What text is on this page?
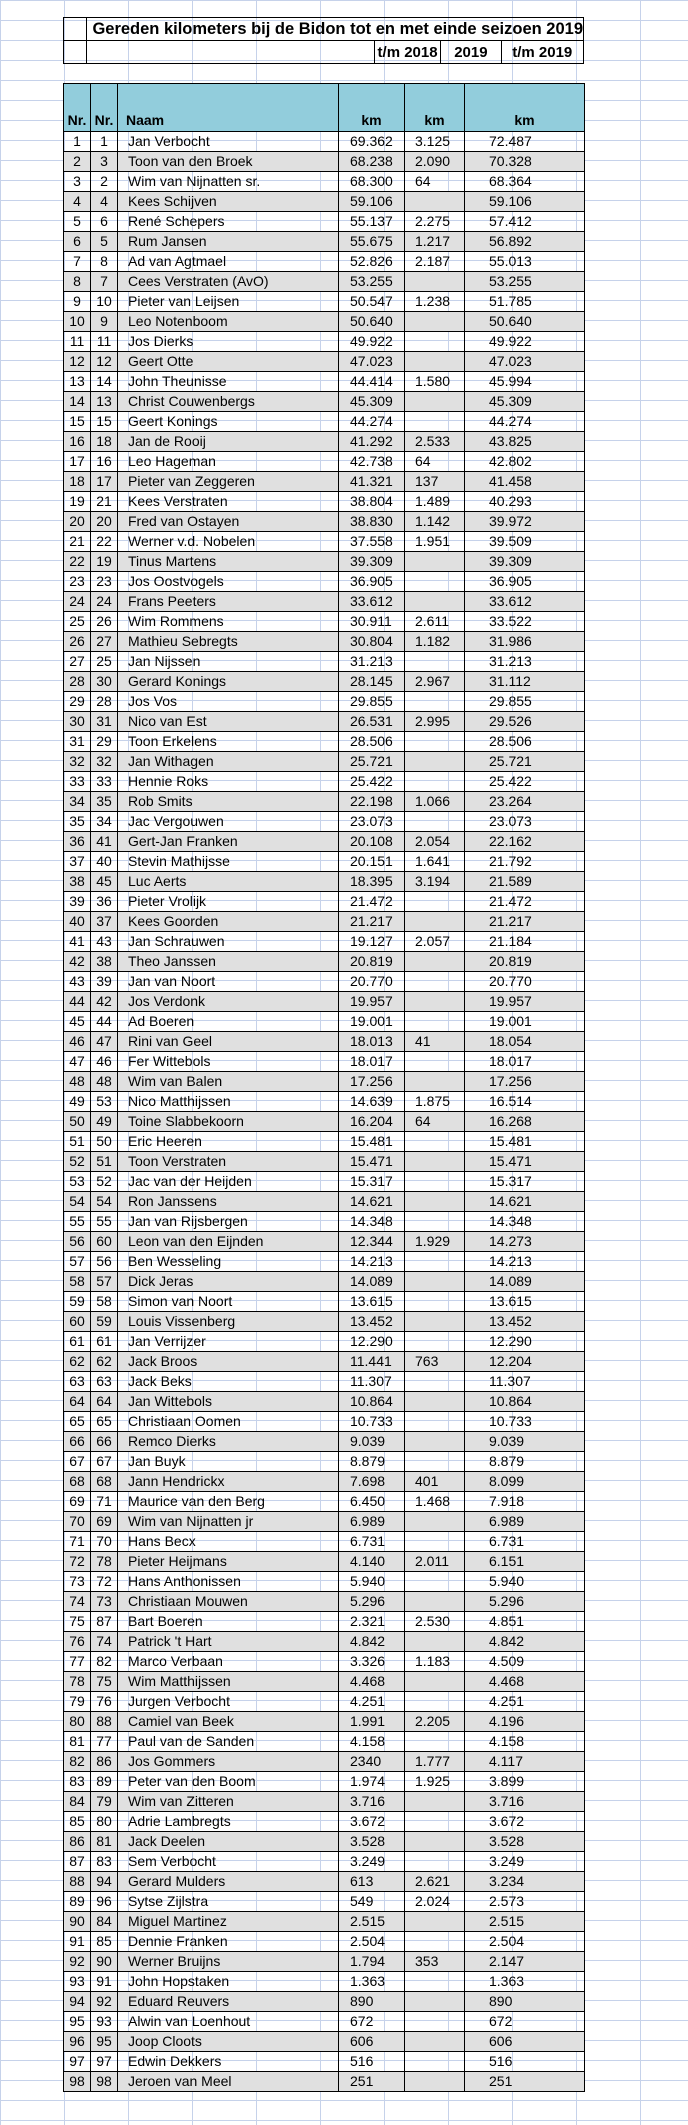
	Gereden kilometers bij de Bidon tot en met einde seizoen 2019			
		t/m 2018	2019	t/m 2019
Nr.	Nr.	Naam	km	km	km
1	1	Jan Verbocht	69.362	3.125	72.487
2	3	Toon van den Broek	68.238	2.090	70.328
3	2	Wim van Nijnatten sr.	68.300	64	68.364
4	4	Kees Schijven	59.106		59.106
5	6	René Schepers	55.137	2.275	57.412
6	5	Rum Jansen	55.675	1.217	56.892
7	8	Ad van Agtmael	52.826	2.187	55.013
8	7	Cees Verstraten (AvO)	53.255		53.255
9	10	Pieter van Leijsen	50.547	1.238	51.785
10	9	Leo Notenboom	50.640		50.640
11	11	Jos Dierks	49.922		49.922
12	12	Geert Otte	47.023		47.023
13	14	John Theunisse	44.414	1.580	45.994
14	13	Christ Couwenbergs	45.309		45.309
15	15	Geert Konings	44.274		44.274
16	18	Jan de Rooij	41.292	2.533	43.825
17	16	Leo Hageman	42.738	64	42.802
18	17	Pieter van Zeggeren	41.321	137	41.458
19	21	Kees Verstraten	38.804	1.489	40.293
20	20	Fred van Ostayen	38.830	1.142	39.972
21	22	Werner v.d. Nobelen	37.558	1.951	39.509
22	19	Tinus Martens	39.309		39.309
23	23	Jos Oostvogels	36.905		36.905
24	24	Frans Peeters	33.612		33.612
25	26	Wim Rommens	30.911	2.611	33.522
26	27	Mathieu Sebregts	30.804	1.182	31.986
27	25	Jan Nijssen	31.213		31.213
28	30	Gerard Konings	28.145	2.967	31.112
29	28	Jos Vos	29.855		29.855
30	31	Nico van Est	26.531	2.995	29.526
31	29	Toon Erkelens	28.506		28.506
32	32	Jan Withagen	25.721		25.721
33	33	Hennie Roks	25.422		25.422
34	35	Rob Smits	22.198	1.066	23.264
35	34	Jac Vergouwen	23.073		23.073
36	41	Gert-Jan Franken	20.108	2.054	22.162
37	40	Stevin Mathijsse	20.151	1.641	21.792
38	45	Luc Aerts	18.395	3.194	21.589
39	36	Pieter Vrolijk	21.472		21.472
40	37	Kees Goorden	21.217		21.217
41	43	Jan Schrauwen	19.127	2.057	21.184
42	38	Theo Janssen	20.819		20.819
43	39	Jan van Noort	20.770		20.770
44	42	Jos Verdonk	19.957		19.957
45	44	Ad Boeren	19.001		19.001
46	47	Rini van Geel	18.013	41	18.054
47	46	Fer Wittebols	18.017		18.017
48	48	Wim van Balen	17.256		17.256
49	53	Nico Matthijssen	14.639	1.875	16.514
50	49	Toine Slabbekoorn	16.204	64	16.268
51	50	Eric Heeren	15.481		15.481
52	51	Toon Verstraten	15.471		15.471
53	52	Jac van der Heijden	15.317		15.317
54	54	Ron Janssens	14.621		14.621
55	55	Jan van Rijsbergen	14.348		14.348
56	60	Leon van den Eijnden	12.344	1.929	14.273
57	56	Ben Wesseling	14.213		14.213
58	57	Dick Jeras	14.089		14.089
59	58	Simon van Noort	13.615		13.615
60	59	Louis Vissenberg	13.452		13.452
61	61	Jan Verrijzer	12.290		12.290
62	62	Jack Broos	11.441	763	12.204
63	63	Jack Beks	11.307		11.307
64	64	Jan Wittebols	10.864		10.864
65	65	Christiaan Oomen	10.733		10.733
66	66	Remco Dierks	9.039		9.039
67	67	Jan Buyk	8.879		8.879
68	68	Jann Hendrickx	7.698	401	8.099
69	71	Maurice van den Berg	6.450	1.468	7.918
70	69	Wim van Nijnatten jr	6.989		6.989
71	70	Hans Becx	6.731		6.731
72	78	Pieter Heijmans	4.140	2.011	6.151
73	72	Hans Anthonissen	5.940		5.940
74	73	Christiaan Mouwen	5.296		5.296
75	87	Bart Boeren	2.321	2.530	4.851
76	74	Patrick 't Hart	4.842		4.842
77	82	Marco Verbaan	3.326	1.183	4.509
78	75	Wim Matthijssen	4.468		4.468
79	76	Jurgen Verbocht	4.251		4.251
80	88	Camiel van Beek	1.991	2.205	4.196
81	77	Paul van de Sanden	4.158		4.158
82	86	Jos Gommers	2340	1.777	4.117
83	89	Peter van den Boom	1.974	1.925	3.899
84	79	Wim van Zitteren	3.716		3.716
85	80	Adrie Lambregts	3.672		3.672
86	81	Jack Deelen	3.528		3.528
87	83	Sem Verbocht	3.249		3.249
88	94	Gerard Mulders	613	2.621	3.234
89	96	Sytse Zijlstra	549	2.024	2.573
90	84	Miguel Martinez	2.515		2.515
91	85	Dennie Franken	2.504		2.504
92	90	Werner Bruijns	1.794	353	2.147
93	91	John Hopstaken	1.363		1.363
94	92	Eduard Reuvers	890		890
95	93	Alwin van Loenhout	672		672
96	95	Joop Cloots	606		606
97	97	Edwin Dekkers	516		516
98	98	Jeroen van Meel	251		251
